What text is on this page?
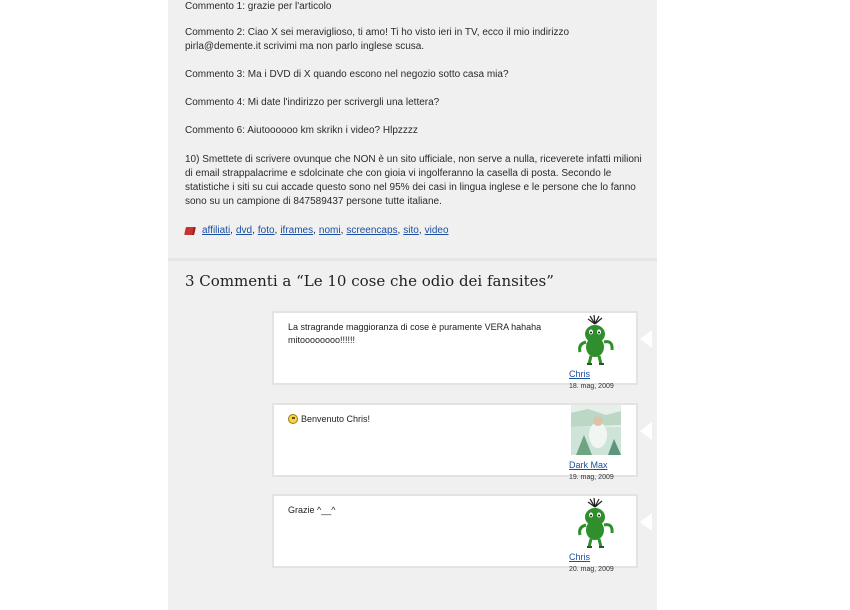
Commento 1: grazie per l'articolo

Commento 2: Ciao X sei meraviglioso, ti amo! Ti ho visto ieri in TV, ecco il mio indirizzo pirla@demente.it scrivimi ma non parlo inglese scusa.

Commento 3: Ma i DVD di X quando escono nel negozio sotto casa mia?

Commento 4: Mi date l'indirizzo per scrivergli una lettera?

Commento 6: Aiutoooooo km skrikn i video? Hlpzzzz

10) Smettete di scrivere ovunque che NON è un sito ufficiale, non serve a nulla, riceverete infatti milioni di email strappalacrime e sdolcinate che con gioia vi ingolferanno la casella di posta. Secondo le statistiche i siti su cui accade questo sono nel 95% dei casi in lingua inglese e le persone che lo fanno sono su un campione di 847589437 persone tutte italiane.

affiliati , dvd , foto , iframes , nomi , screencaps , sito , video
3 Commenti a “Le 10 cose che odio dei fansites”
La stragrande maggioranza di cose è puramente VERA hahaha mitoooooooo!!!!!!
Chris
18. mag, 2009
Benvenuto Chris!
Dark Max
19. mag, 2009
Grazie ^__^
Chris
20. mag, 2009
